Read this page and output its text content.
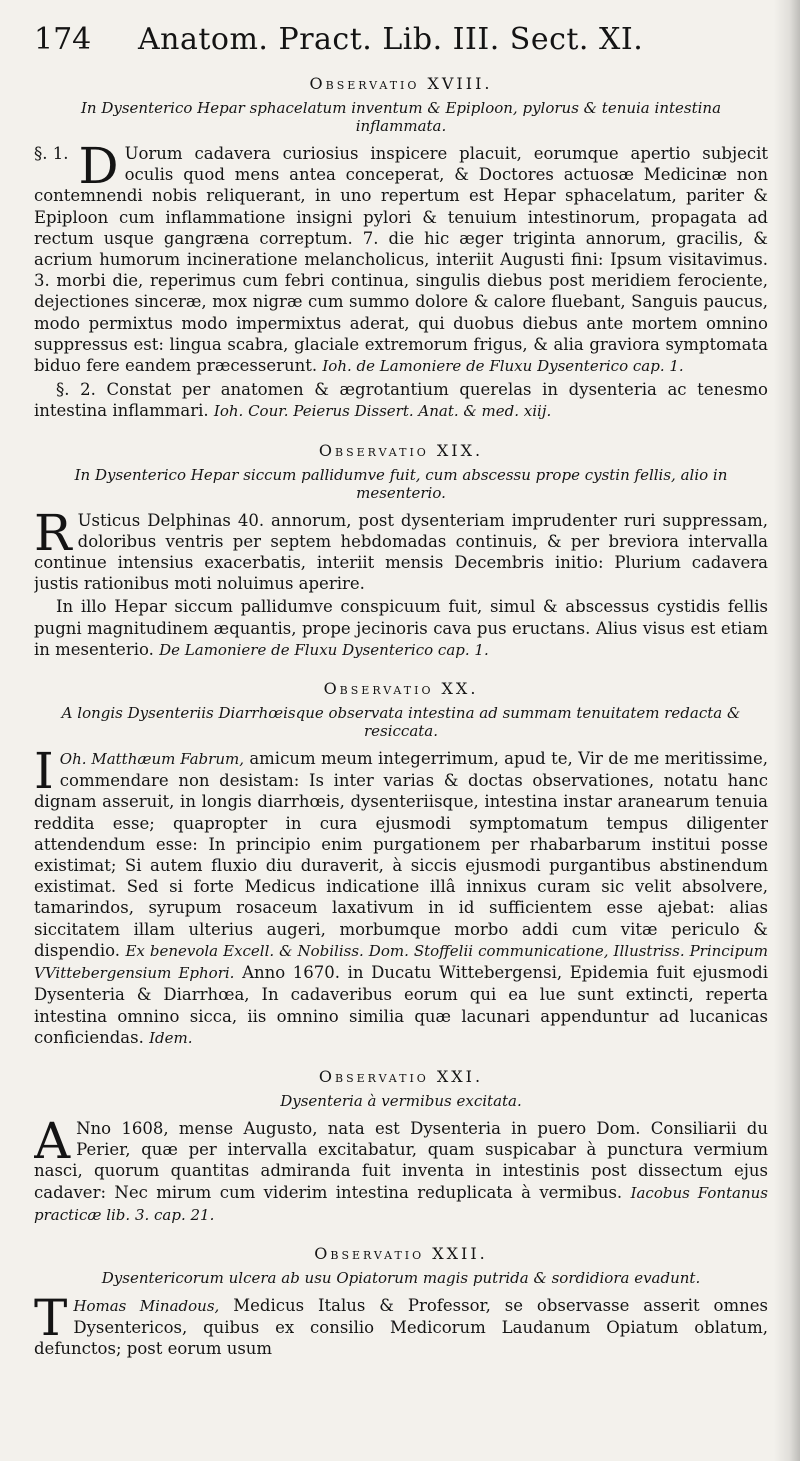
174	Anatom. Pract. Lib. III. Sect. XI.
Observatio XVIII.
In Dysenterico Hepar sphacelatum inventum & Epiploon, pylorus & tenuia intestina inflammata.

§. 1. D Uorum cadavera curiosius inspicere placuit, eorumque apertio subjecit oculis quod mens antea conceperat, & Doctores actuosæ Medicinæ non contemnendi nobis reliquerant, in uno repertum est Hepar sphacelatum, pariter & Epiploon cum inflammatione insigni pylori & tenuium intestinorum, propagata ad rectum usque gangræna correptum. 7. die hic æger triginta annorum, gracilis, & acrium humorum incineratione melancholicus, interiit Augusti fini: Ipsum visitavimus. 3. morbi die, reperimus cum febri continua, singulis diebus post meridiem ferociente, dejectiones sinceræ, mox nigræ cum summo dolore & calore fluebant, Sanguis paucus, modo permixtus modo impermixtus aderat, qui duobus diebus ante mortem omnino suppressus est: lingua scabra, glaciale extremorum frigus, & alia graviora symptomata biduo fere eandem præcesserunt. Ioh. de Lamoniere de Fluxu Dysenterico cap. 1.

§. 2. Constat per anatomen & ægrotantium querelas in dysenteria ac tenesmo intestina inflammari. Ioh. Cour. Peierus Dissert. Anat. & med. xiij.

Observatio XIX.
In Dysenterico Hepar siccum pallidumve fuit, cum abscessu prope cystin fellis, alio in mesenterio.

R Usticus Delphinas 40. annorum, post dysenteriam imprudenter ruri suppressam, doloribus ventris per septem hebdomadas continuis, & per breviora intervalla continue intensius exacerbatis, interiit mensis Decembris initio: Plurium cadavera justis rationibus moti noluimus aperire.

In illo Hepar siccum pallidumve conspicuum fuit, simul & abscessus cystidis fellis pugni magnitudinem æquantis, prope jecinoris cava pus eructans. Alius visus est etiam in mesenterio. De Lamoniere de Fluxu Dysenterico cap. 1.

Observatio XX.
A longis Dysenteriis Diarrhœisque observata intestina ad summam tenuitatem redacta & resiccata.

I Oh. Matthæum Fabrum, amicum meum integerrimum, apud te, Vir de me meritissime, commendare non desistam: Is inter varias & doctas observationes, notatu hanc dignam asseruit, in longis diarrhœis, dysenteriisque, intestina instar aranearum tenuia reddita esse; quapropter in cura ejusmodi symptomatum tempus diligenter attendendum esse: In principio enim purgationem per rhabarbarum institui posse existimat; Si autem fluxio diu duraverit, à siccis ejusmodi purgantibus abstinendum existimat. Sed si forte Medicus indicatione illâ innixus curam sic velit absolvere, tamarindos, syrupum rosaceum laxativum in id sufficientem esse ajebat: alias siccitatem illam ulterius augeri, morbumque morbo addi cum vitæ periculo & dispendio. Ex benevola Excell. & Nobiliss. Dom. Stoffelii communicatione, Illustriss. Principum VVittebergensium Ephori. Anno 1670. in Ducatu Wittebergensi, Epidemia fuit ejusmodi Dysenteria & Diarrhœa, In cadaveribus eorum qui ea lue sunt extincti, reperta intestina omnino sicca, iis omnino similia quæ lacunari appenduntur ad lucanicas conficiendas. Idem.

Observatio XXI.
Dysenteria à vermibus excitata.

A Nno 1608, mense Augusto, nata est Dysenteria in puero Dom. Consiliarii du Perier, quæ per intervalla excitabatur, quam suspicabar à punctura vermium nasci, quorum quantitas admiranda fuit inventa in intestinis post dissectum ejus cadaver: Nec mirum cum viderim intestina reduplicata à vermibus. Iacobus Fontanus practicæ lib. 3. cap. 21.

Observatio XXII.
Dysentericorum ulcera ab usu Opiatorum magis putrida & sordidiora evadunt.

T Homas Minadous, Medicus Italus & Professor, se observasse asserit omnes Dysentericos, quibus ex consilio Medicorum Laudanum Opiatum oblatum, defunctos; post eorum usum
